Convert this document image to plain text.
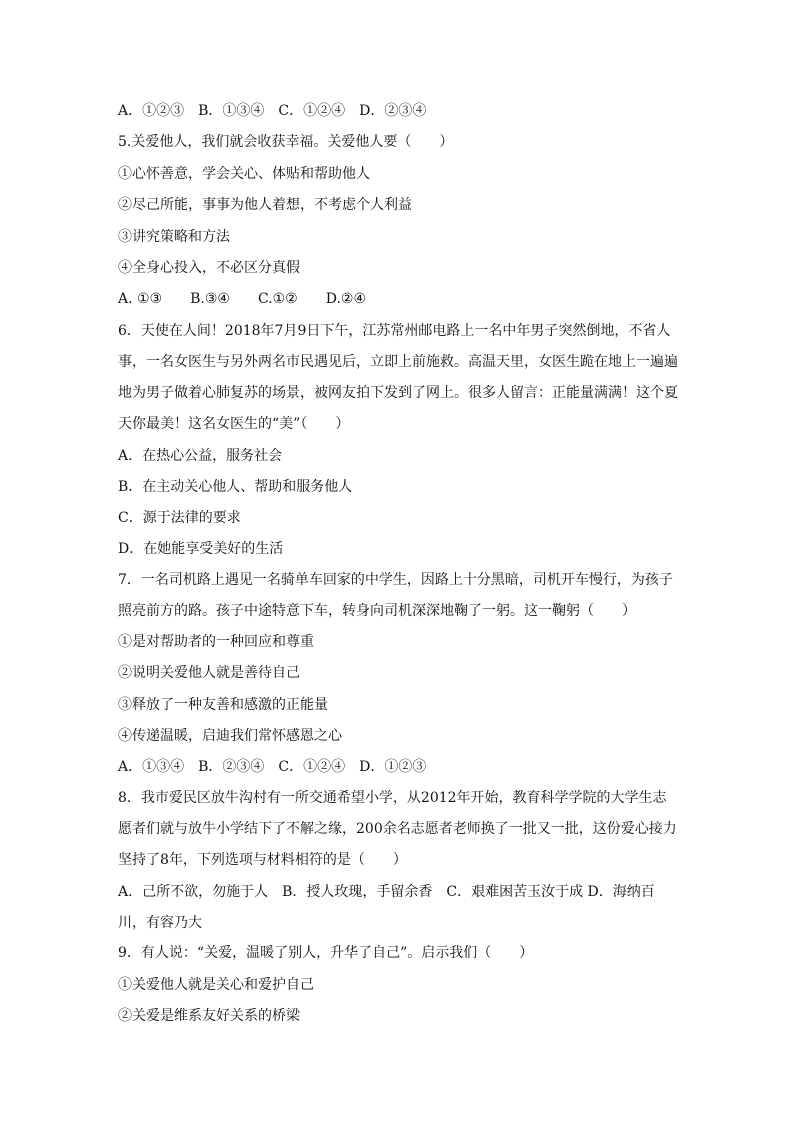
A．①②③　B．①③④　C．①②④　D．②③④
5.关爱他人，我们就会收获幸福。关爱他人要（　　）
①心怀善意，学会关心、体贴和帮助他人
②尽己所能，事事为他人着想，不考虑个人利益
③讲究策略和方法
④全身心投入，不必区分真假
A. ①③　　B.③④　　C.①②　　D.②④
6．天使在人间！2018年7月9日下午，江苏常州邮电路上一名中年男子突然倒地，不省人事，一名女医生与另外两名市民遇见后，立即上前施救。高温天里，女医生跪在地上一遍遍地为男子做着心肺复苏的场景，被网友拍下发到了网上。很多人留言：正能量满满！这个夏天你最美！这名女医生的“美”（　　）
A．在热心公益，服务社会
B．在主动关心他人、帮助和服务他人
C．源于法律的要求
D．在她能享受美好的生活
7．一名司机路上遇见一名骑单车回家的中学生，因路上十分黑暗，司机开车慢行，为孩子照亮前方的路。孩子中途特意下车，转身向司机深深地鞠了一躬。这一鞠躬（　　）
①是对帮助者的一种回应和尊重
②说明关爱他人就是善待自己
③释放了一种友善和感激的正能量
④传递温暖，启迪我们常怀感恩之心
A．①③④　B．②③④　C．①②④　D．①②③
8．我市爱民区放牛沟村有一所交通希望小学，从2012年开始，教育科学学院的大学生志愿者们就与放牛小学结下了不解之缘，200余名志愿者老师换了一批又一批，这份爱心接力坚持了8年，下列选项与材料相符的是（　　）
A．己所不欲，勿施于人　B．授人玫瑰，手留余香　C．艰难困苦玉汝于成 D．海纳百川，有容乃大
9．有人说：“关爱，温暖了别人，升华了自己”。启示我们（　　）
①关爱他人就是关心和爱护自己
②关爱是维系友好关系的桥梁
